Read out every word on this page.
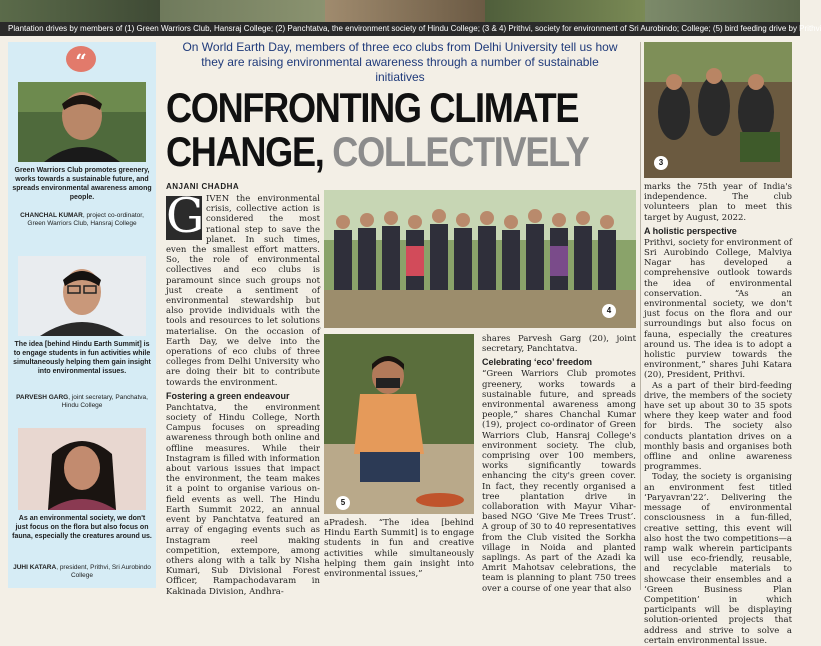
Plantation drives by members of (1) Green Warriors Club, Hansraj College; (2) Panchtatva, the environment society of Hindu College; (3 & 4) Prithvi, society for environment of Sri Aurobindo; College; (5) bird feeding drive by Prithvi
“
Green Warriors Club promotes greenery, works towards a sustainable future, and spreads environmental awareness among people.
CHANCHAL KUMAR, project co-ordinator, Green Warriors Club, Hansraj College
The idea [behind Hindu Earth Summit] is to engage students in fun activities while simultaneously helping them gain insight into environmental issues.
PARVESH GARG, joint secretary, Panchatva, Hindu College
As an environmental society, we don't just focus on the flora but also focus on fauna, especially the creatures around us.
JUHI KATARA, president, Prithvi, Sri Aurobindo College
On World Earth Day, members of three eco clubs from Delhi University tell us how they are raising environmental awareness through a number of sustainable initiatives
CONFRONTING CLIMATE
CHANGE, COLLECTIVELY
ANJANI CHADHA
G IVEN the environmental crisis, collective action is considered the most rational step to save the planet. In such times, even the smallest effort matters. So, the role of environmental collectives and eco clubs is paramount since such groups not just create a sentiment of environmental stewardship but also provide individuals with the tools and resources to let solutions materialise. On the occasion of Earth Day, we delve into the operations of eco clubs of three colleges from Delhi University who are doing their bit to contribute towards the environment.

Fostering a green endeavour

Panchtatva, the environment society of Hindu College, North Campus focuses on spreading awareness through both online and offline measures. While their Instagram is filled with information about various issues that impact the environment, the team makes it a point to organise various on-field events as well. The Hindu Earth Summit 2022, an annual event by Panchtatva featured an array of engaging events such as Instagram reel making competition, extempore, among others along with a talk by Nisha Kumari, Sub Divisional Forest Officer, Rampachodavaram in Kakinada Division, Andhra-

4
5

aPradesh. “The idea [behind Hindu Earth Summit] is to engage students in fun and creative activities while simultaneously helping them gain insight into environmental issues,”

shares Parvesh Garg (20), joint secretary, Panchtatva.

Celebrating ‘eco’ freedom

“Green Warriors Club promotes greenery, works towards a sustainable future, and spreads environmental awareness among people,” shares Chanchal Kumar (19), project co-ordinator of Green Warriors Club, Hansraj College's environment society. The club, comprising over 100 members, works significantly towards enhancing the city's green cover. In fact, they recently organised a tree plantation drive in collaboration with Mayur Vihar-based NGO ‘Give Me Trees Trust’. A group of 30 to 40 representatives from the Club visited the Sorkha village in Noida and planted saplings. As part of the Azadi ka Amrit Mahotsav celebrations, the team is planning to plant 750 trees over a course of one year that also

3

marks the 75th year of India's independence. The club volunteers plan to meet this target by August, 2022.

A holistic perspective

Prithvi, society for environment of Sri Aurobindo College, Malviya Nagar has developed a comprehensive outlook towards the idea of environmental conservation. “As an environmental society, we don't just focus on the flora and our surroundings but also focus on fauna, especially the creatures around us. The idea is to adopt a holistic purview towards the environment,” shares Juhi Katara (20), President, Prithvi.

As a part of their bird-feeding drive, the members of the society have set up about 30 to 35 spots where they keep water and food for birds. The society also conducts plantation drives on a monthly basis and organises both offline and online awareness programmes.

Today, the society is organising an environment fest titled ‘Paryavran'22’. Delivering the message of environmental consciousness in a fun-filled, creative setting, this event will also host the two competitions—a ramp walk wherein participants will use eco-friendly, reusable, and recyclable materials to showcase their ensembles and a ‘Green Business Plan Competition’ in which participants will be displaying solution-oriented projects that address and strive to solve a certain environmental issue.
